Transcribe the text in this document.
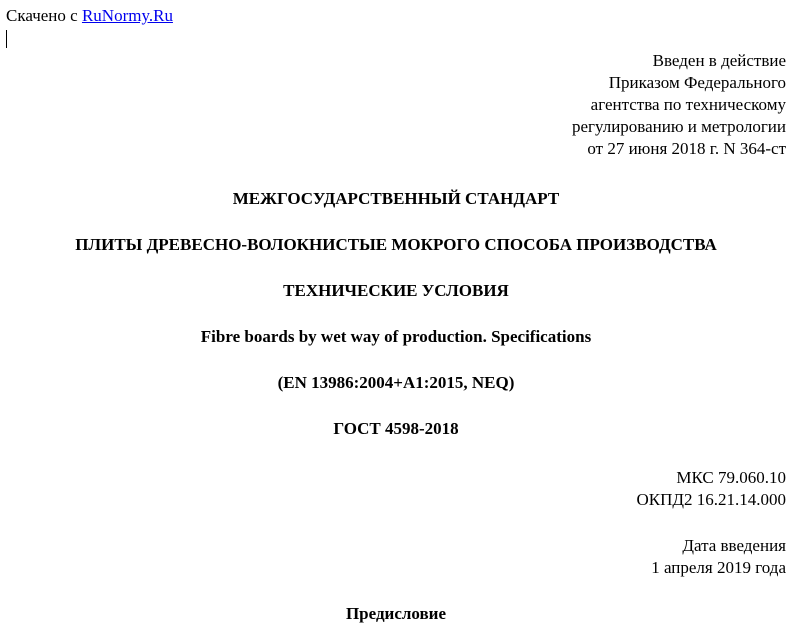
Скачено с RuNormy.Ru
Введен в действие
Приказом Федерального
агентства по техническому
регулированию и метрологии
от 27 июня 2018 г. N 364-ст
МЕЖГОСУДАРСТВЕННЫЙ СТАНДАРТ
ПЛИТЫ ДРЕВЕСНО-ВОЛОКНИСТЫЕ МОКРОГО СПОСОБА ПРОИЗВОДСТВА
ТЕХНИЧЕСКИЕ УСЛОВИЯ
Fibre boards by wet way of production. Specifications
(EN 13986:2004+A1:2015, NEQ)
ГОСТ 4598-2018
МКС 79.060.10
ОКПД2 16.21.14.000
Дата введения
1 апреля 2019 года
Предисловие
